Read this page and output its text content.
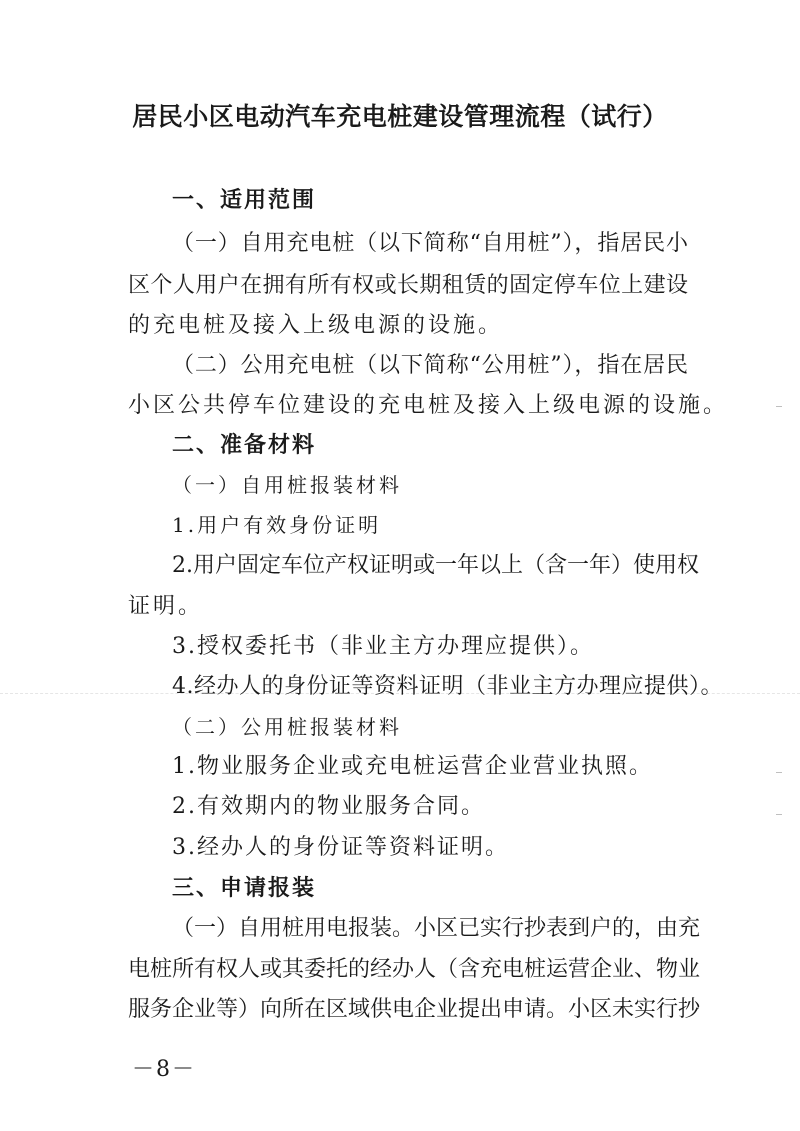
居民小区电动汽车充电桩建设管理流程（试行）
一、适用范围
（一）自用充电桩（以下简称“自用桩”），指居民小
区个人用户在拥有所有权或长期租赁的固定停车位上建设
的充电桩及接入上级电源的设施。
（二）公用充电桩（以下简称“公用桩”），指在居民
小区公共停车位建设的充电桩及接入上级电源的设施。
二、准备材料
（一）自用桩报装材料
1.用户有效身份证明
2.用户固定车位产权证明或一年以上（含一年）使用权
证明。
3.授权委托书（非业主方办理应提供）。
4.经办人的身份证等资料证明（非业主方办理应提供）。
（二）公用桩报装材料
1.物业服务企业或充电桩运营企业营业执照。
2.有效期内的物业服务合同。
3.经办人的身份证等资料证明。
三、申请报装
（一）自用桩用电报装。小区已实行抄表到户的，由充
电桩所有权人或其委托的经办人（含充电桩运营企业、物业
服务企业等）向所在区域供电企业提出申请。小区未实行抄
－8－
